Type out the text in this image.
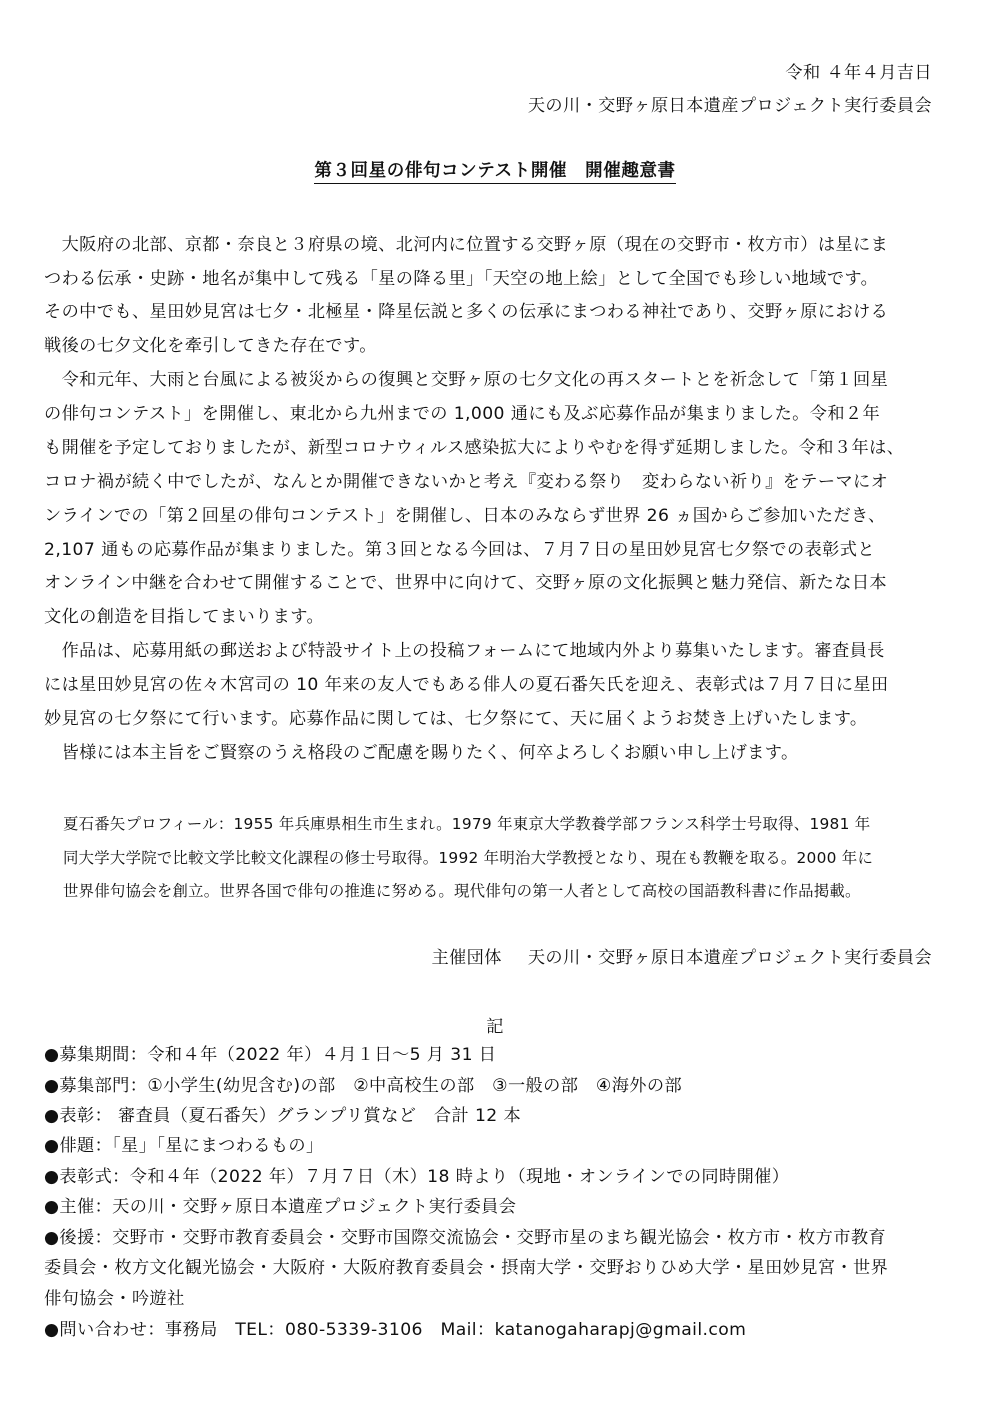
令和 ４年４月吉日
天の川・交野ヶ原日本遺産プロジェクト実行委員会
第３回星の俳句コンテスト開催　開催趣意書
　大阪府の北部、京都・奈良と３府県の境、北河内に位置する交野ヶ原（現在の交野市・枚方市）は星にま
つわる伝承・史跡・地名が集中して残る「星の降る里」「天空の地上絵」として全国でも珍しい地域です。
その中でも、星田妙見宮は七夕・北極星・降星伝説と多くの伝承にまつわる神社であり、交野ヶ原における
戦後の七夕文化を牽引してきた存在です。
　令和元年、大雨と台風による被災からの復興と交野ヶ原の七夕文化の再スタートとを祈念して「第１回星
の俳句コンテスト」を開催し、東北から九州までの 1,000 通にも及ぶ応募作品が集まりました。令和２年
も開催を予定しておりましたが、新型コロナウィルス感染拡大によりやむを得ず延期しました。令和３年は、
コロナ禍が続く中でしたが、なんとか開催できないかと考え『変わる祭り　変わらない祈り』をテーマにオ
ンラインでの「第２回星の俳句コンテスト」を開催し、日本のみならず世界 26 ヵ国からご参加いただき、
2,107 通もの応募作品が集まりました。第３回となる今回は、７月７日の星田妙見宮七夕祭での表彰式と
オンライン中継を合わせて開催することで、世界中に向けて、交野ヶ原の文化振興と魅力発信、新たな日本
文化の創造を目指してまいります。
　作品は、応募用紙の郵送および特設サイト上の投稿フォームにて地域内外より募集いたします。審査員長
には星田妙見宮の佐々木宮司の 10 年来の友人でもある俳人の夏石番矢氏を迎え、表彰式は７月７日に星田
妙見宮の七夕祭にて行います。応募作品に関しては、七夕祭にて、天に届くようお焚き上げいたします。
　皆様には本主旨をご賢察のうえ格段のご配慮を賜りたく、何卒よろしくお願い申し上げます。
夏石番矢プロフィール：1955 年兵庫県相生市生まれ。1979 年東京大学教養学部フランス科学士号取得、1981 年
同大学大学院で比較文学比較文化課程の修士号取得。1992 年明治大学教授となり、現在も教鞭を取る。2000 年に
世界俳句協会を創立。世界各国で俳句の推進に努める。現代俳句の第一人者として高校の国語教科書に作品掲載。
主催団体 天の川・交野ヶ原日本遺産プロジェクト実行委員会
記
●募集期間：令和４年（2022 年）４月１日～5 月 31 日
●募集部門：①小学生(幼児含む)の部　②中高校生の部　③一般の部　④海外の部
●表彰： 審査員（夏石番矢）グランプリ賞など　合計 12 本
●俳題：「星」「星にまつわるもの」
●表彰式：令和４年（2022 年）７月７日（木）18 時より（現地・オンラインでの同時開催）
●主催：天の川・交野ヶ原日本遺産プロジェクト実行委員会
●後援：交野市・交野市教育委員会・交野市国際交流協会・交野市星のまち観光協会・枚方市・枚方市教育
委員会・枚方文化観光協会・大阪府・大阪府教育委員会・摂南大学・交野おりひめ大学・星田妙見宮・世界
俳句協会・吟遊社
●問い合わせ：事務局　TEL：080-5339-3106　Mail：katanogaharapj@gmail.com
